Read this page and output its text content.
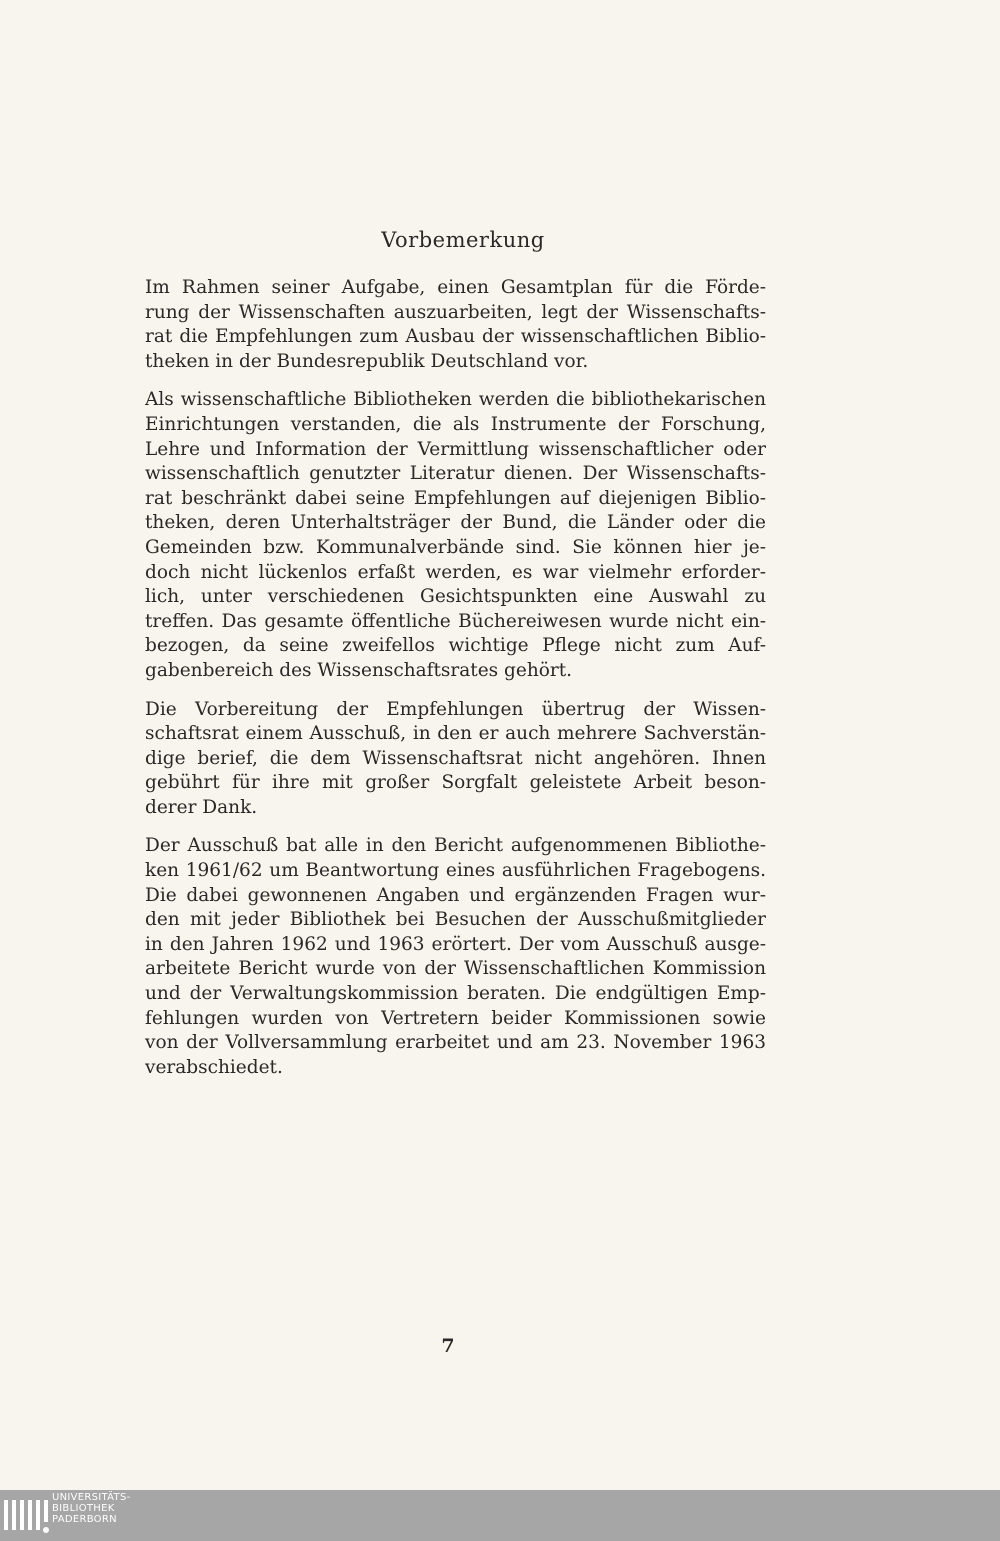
Vorbemerkung
Im Rahmen seiner Aufgabe, einen Gesamtplan für die Förde-
rung der Wissenschaften auszuarbeiten, legt der Wissenschafts-
rat die Empfehlungen zum Ausbau der wissenschaftlichen Biblio-
theken in der Bundesrepublik Deutschland vor.
Als wissenschaftliche Bibliotheken werden die bibliothekarischen
Einrichtungen verstanden, die als Instrumente der Forschung,
Lehre und Information der Vermittlung wissenschaftlicher oder
wissenschaftlich genutzter Literatur dienen. Der Wissenschafts-
rat beschränkt dabei seine Empfehlungen auf diejenigen Biblio-
theken, deren Unterhaltsträger der Bund, die Länder oder die
Gemeinden bzw. Kommunalverbände sind. Sie können hier je-
doch nicht lückenlos erfaßt werden, es war vielmehr erforder-
lich, unter verschiedenen Gesichtspunkten eine Auswahl zu
treffen. Das gesamte öffentliche Büchereiwesen wurde nicht ein-
bezogen, da seine zweifellos wichtige Pflege nicht zum Auf-
gabenbereich des Wissenschaftsrates gehört.
Die Vorbereitung der Empfehlungen übertrug der Wissen-
schaftsrat einem Ausschuß, in den er auch mehrere Sachverstän-
dige berief, die dem Wissenschaftsrat nicht angehören. Ihnen
gebührt für ihre mit großer Sorgfalt geleistete Arbeit beson-
derer Dank.
Der Ausschuß bat alle in den Bericht aufgenommenen Bibliothe-
ken 1961/62 um Beantwortung eines ausführlichen Fragebogens.
Die dabei gewonnenen Angaben und ergänzenden Fragen wur-
den mit jeder Bibliothek bei Besuchen der Ausschußmitglieder
in den Jahren 1962 und 1963 erörtert. Der vom Ausschuß ausge-
arbeitete Bericht wurde von der Wissenschaftlichen Kommission
und der Verwaltungskommission beraten. Die endgültigen Emp-
fehlungen wurden von Vertretern beider Kommissionen sowie
von der Vollversammlung erarbeitet und am 23. November 1963
verabschiedet.
7
UNIVERSITÄTS-
BIBLIOTHEK
PADERBORN
